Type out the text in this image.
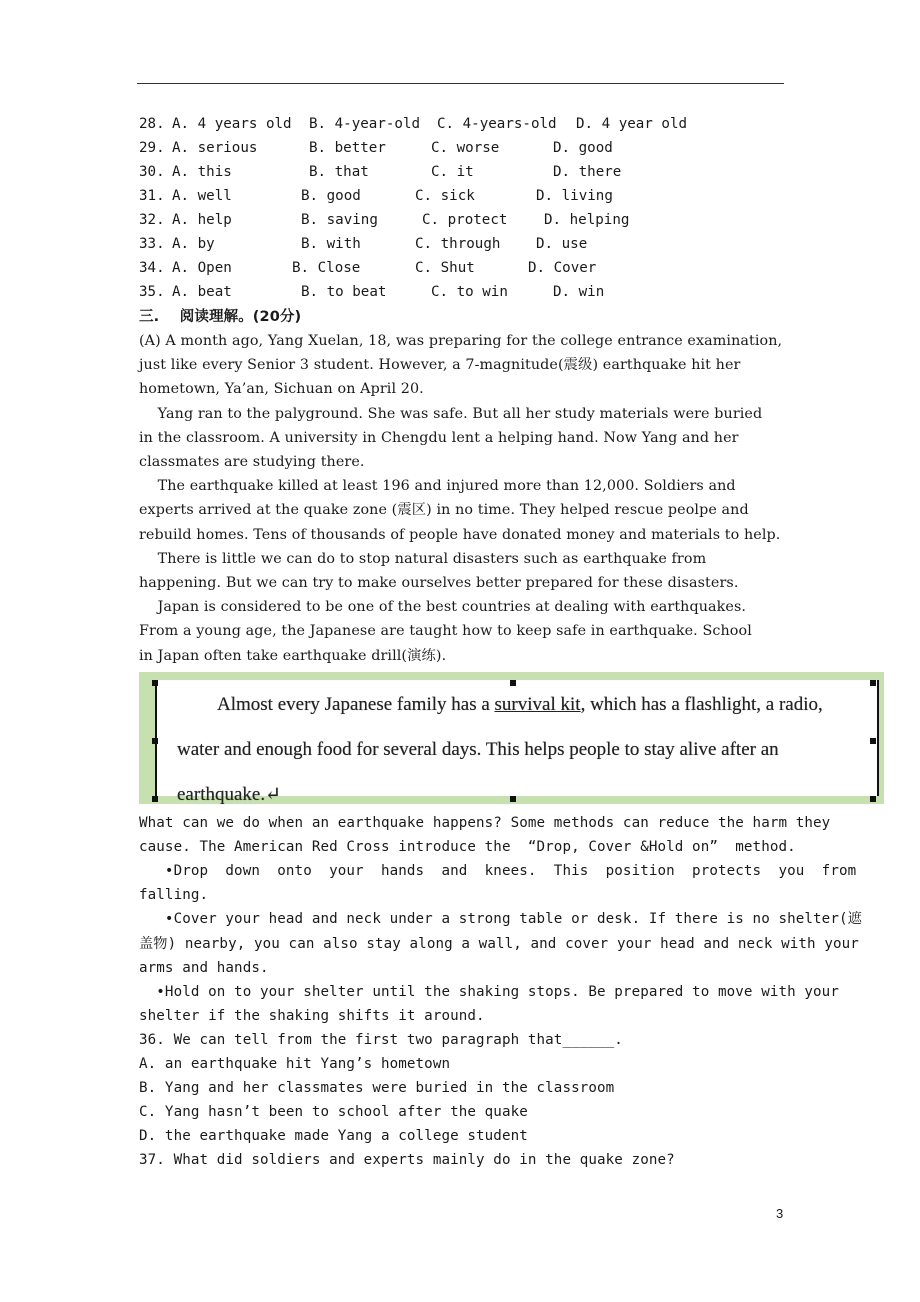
28. A. 4 years old B. 4-year-old C. 4-years-old D. 4 year old
29. A. serious	B. better	C. worse	D. good
30. A. this	B. that	C. it	D. there
31. A. well	B. good	C. sick	D. living
32. A. help	B. saving	C. protect	D. helping
33. A. by	B. with	C. through	D. use
34. A. Open	B. Close	C. Shut	D. Cover
35. A. beat	B. to beat	C. to win	D. win
三.    阅读理解。(20分)
(A) A month ago, Yang Xuelan, 18, was preparing for the college entrance examination,
just like every Senior 3 student. However, a 7-magnitude(震级) earthquake hit her
hometown, Ya’an, Sichuan on April 20.
Yang ran to the palyground. She was safe. But all her study materials were buried
in the classroom. A university in Chengdu lent a helping hand. Now Yang and her
classmates are studying there.
The earthquake killed at least 196 and injured more than 12,000. Soldiers and
experts arrived at the quake zone (震区) in no time. They helped rescue peolpe and
rebuild homes. Tens of thousands of people have donated money and materials to help.
There is little we can do to stop natural disasters such as earthquake from
happening. But we can try to make ourselves better prepared for these disasters.
Japan is considered to be one of the best countries at dealing with earthquakes.
From a young age, the Japanese are taught how to keep safe in earthquake. School
in Japan often take earthquake drill(演练).
Almost every Japanese family has a survival kit, which has a flashlight, a radio,
water and enough food for several days. This helps people to stay alive after an
earthquake.↵
What can we do when an earthquake happens? Some methods can reduce the harm they
cause. The American Red Cross introduce the  “Drop, Cover &Hold on”  method.
•Drop  down  onto  your  hands  and  knees.  This  position  protects  you  from
falling.
•Cover your head and neck under a strong table or desk. If there is no shelter(遮
盖物) nearby, you can also stay along a wall, and cover your head and neck with your
arms and hands.
•Hold on to your shelter until the shaking stops. Be prepared to move with your
shelter if the shaking shifts it around.
36. We can tell from the first two paragraph that______.
A. an earthquake hit Yang’s hometown
B. Yang and her classmates were buried in the classroom
C. Yang hasn’t been to school after the quake
D. the earthquake made Yang a college student
37. What did soldiers and experts mainly do in the quake zone?
3
